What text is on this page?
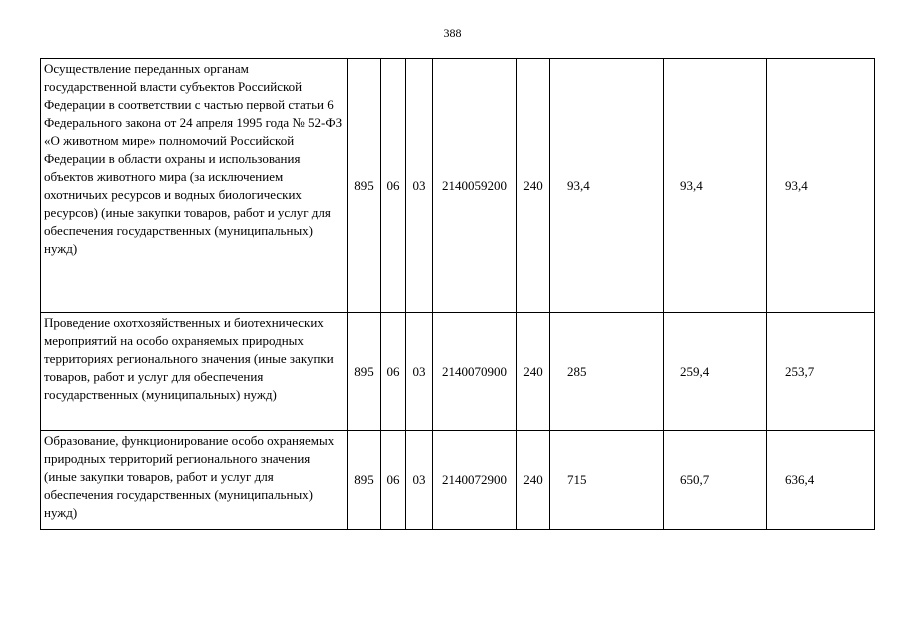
388
Осуществление переданных органам государственной власти субъектов Российской Федерации в соответствии с частью первой статьи 6 Федерального закона от 24 апреля 1995 года № 52-ФЗ «О животном мире» полномочий Российской Федерации в области охраны и использования объектов животного мира (за исключением охотничьих ресурсов и водных биологических ресурсов) (иные закупки товаров, работ и услуг для обеспечения государственных (муниципальных) нужд)	895	06	03	2140059200	240	93,4	93,4	93,4
Проведение охотхозяйственных и биотехнических мероприятий на особо охраняемых природных территориях регионального значения (иные закупки товаров, работ и услуг для обеспечения государственных (муниципальных) нужд)	895	06	03	2140070900	240	285	259,4	253,7
Образование, функционирование особо охраняемых природных территорий регионального значения (иные закупки товаров, работ и услуг для обеспечения государственных (муниципальных) нужд)	895	06	03	2140072900	240	715	650,7	636,4
